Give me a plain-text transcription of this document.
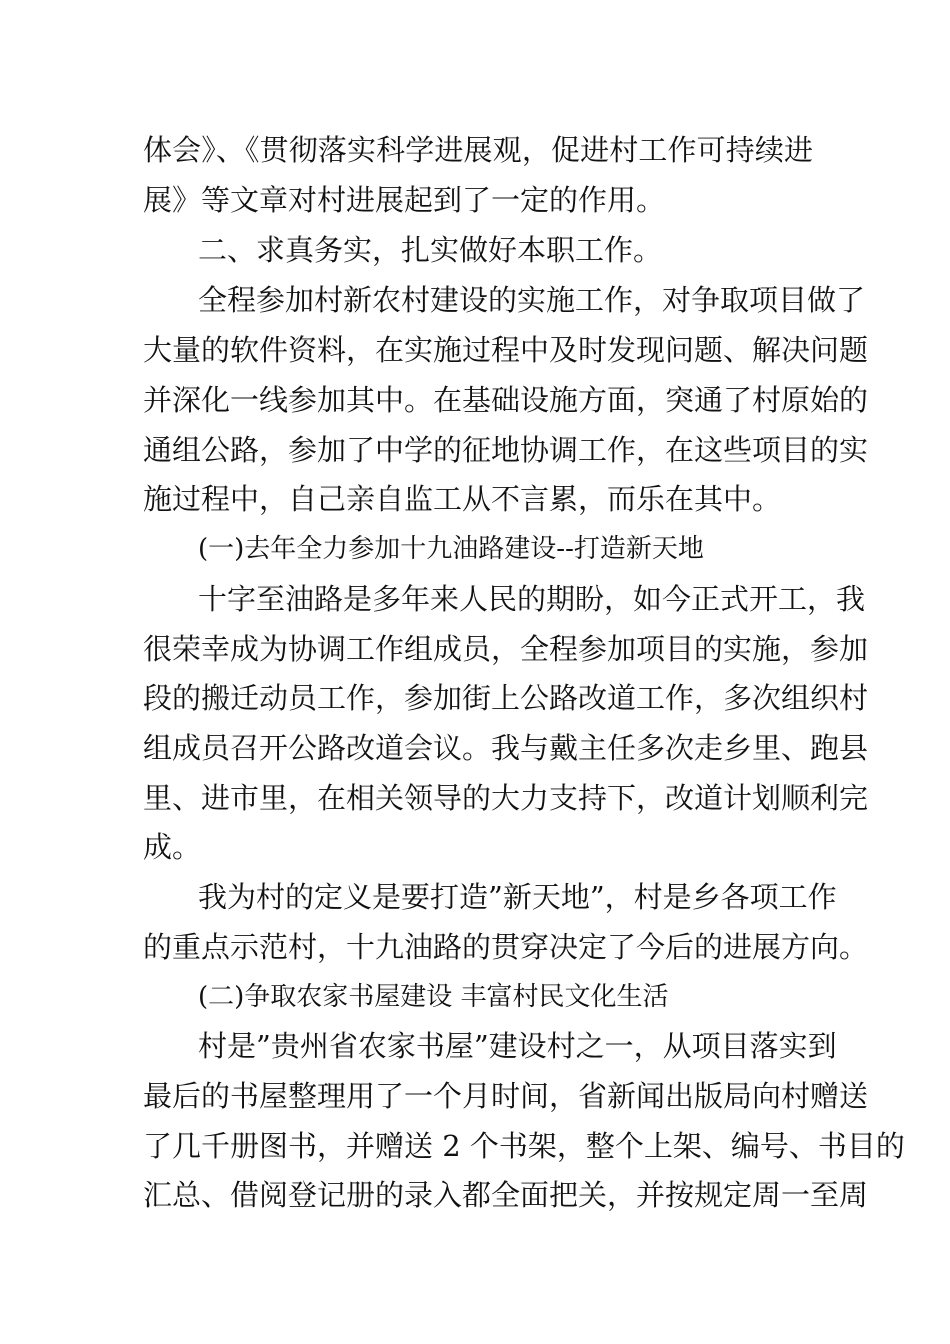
体会》、《贯彻落实科学进展观，促进村工作可持续进
展》等文章对村进展起到了一定的作用。
二、求真务实，扎实做好本职工作。
全程参加村新农村建设的实施工作，对争取项目做了
大量的软件资料，在实施过程中及时发现问题、解决问题
并深化一线参加其中。在基础设施方面，突通了村原始的
通组公路，参加了中学的征地协调工作，在这些项目的实
施过程中，自己亲自监工从不言累，而乐在其中。
(一)去年全力参加十九油路建设--打造新天地
十字至油路是多年来人民的期盼，如今正式开工，我
很荣幸成为协调工作组成员，全程参加项目的实施，参加
段的搬迁动员工作，参加街上公路改道工作，多次组织村
组成员召开公路改道会议。我与戴主任多次走乡里、跑县
里、进市里，在相关领导的大力支持下，改道计划顺利完
成。
我为村的定义是要打造”新天地”，村是乡各项工作
的重点示范村，十九油路的贯穿决定了今后的进展方向。
(二)争取农家书屋建设 丰富村民文化生活
村是”贵州省农家书屋”建设村之一，从项目落实到
最后的书屋整理用了一个月时间，省新闻出版局向村赠送
了几千册图书，并赠送 2 个书架，整个上架、编号、书目的
汇总、借阅登记册的录入都全面把关，并按规定周一至周
